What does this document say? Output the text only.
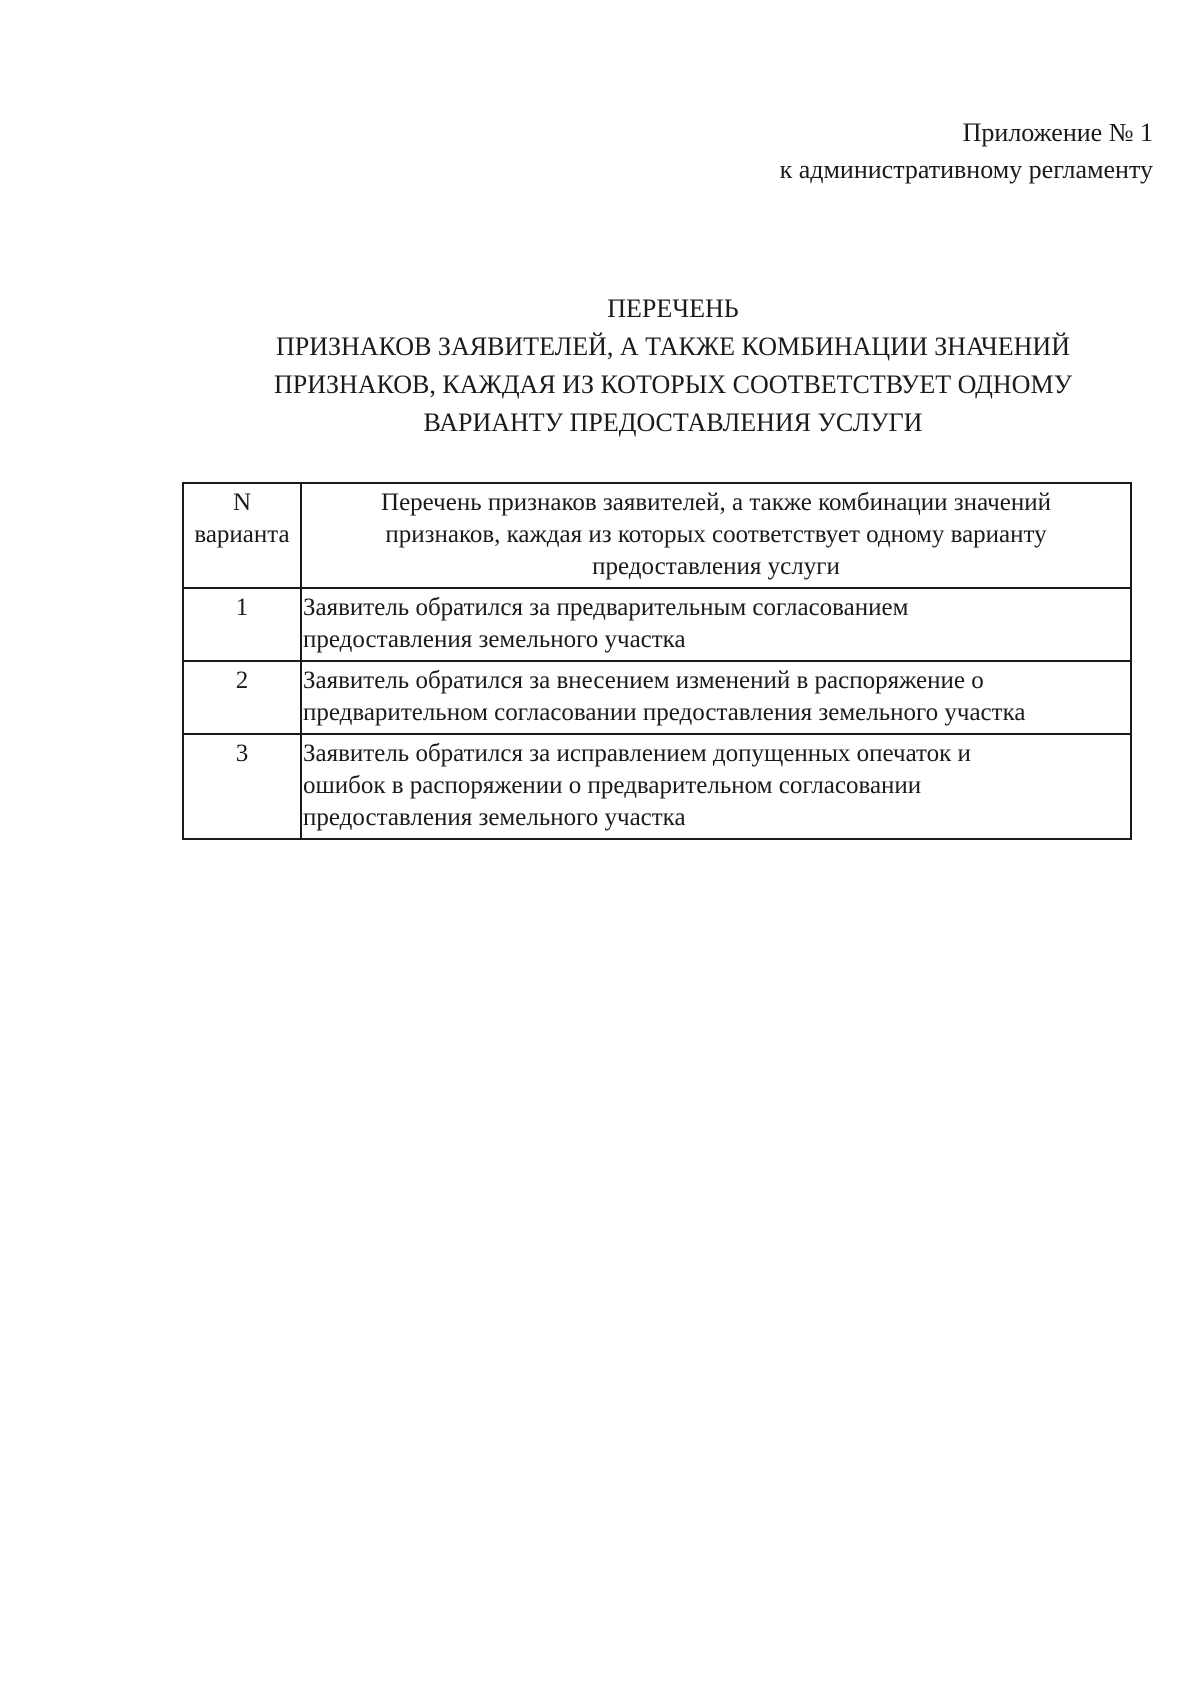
Приложение № 1
к административному регламенту
ПЕРЕЧЕНЬ
ПРИЗНАКОВ ЗАЯВИТЕЛЕЙ, А ТАКЖЕ КОМБИНАЦИИ ЗНАЧЕНИЙ
ПРИЗНАКОВ, КАЖДАЯ ИЗ КОТОРЫХ СООТВЕТСТВУЕТ ОДНОМУ
ВАРИАНТУ ПРЕДОСТАВЛЕНИЯ УСЛУГИ
N
варианта	Перечень признаков заявителей, а также комбинации значений
признаков, каждая из которых соответствует одному варианту
предоставления услуги

1	Заявитель обратился за предварительным согласованием
предоставления земельного участка

2	Заявитель обратился за внесением изменений в распоряжение о
предварительном согласовании предоставления земельного участка

3	Заявитель обратился за исправлением допущенных опечаток и
ошибок в распоряжении о предварительном согласовании
предоставления земельного участка
